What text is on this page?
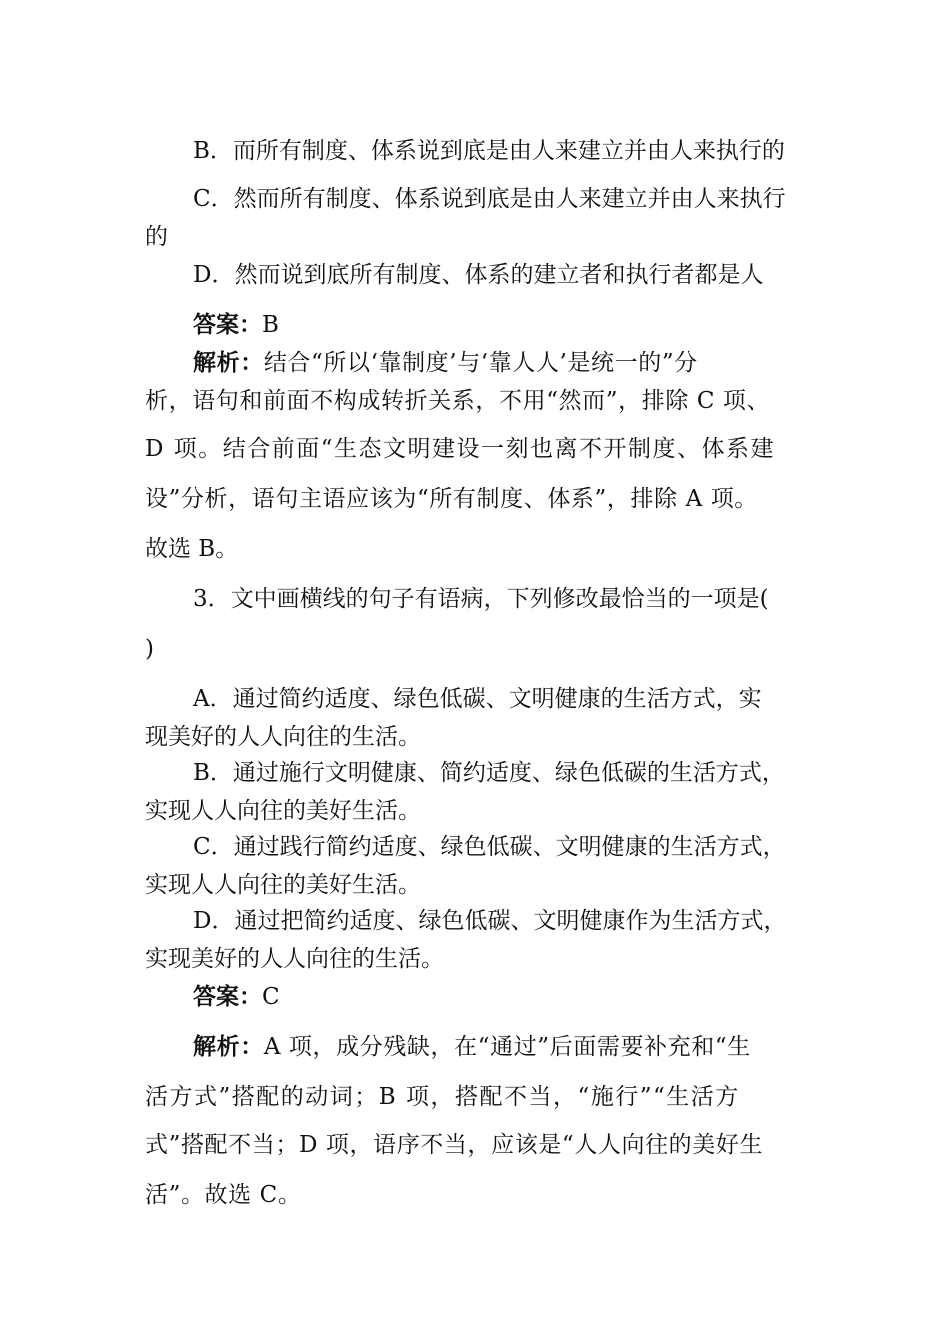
B．而所有制度、体系说到底是由人来建立并由人来执行的
C．然而所有制度、体系说到底是由人来建立并由人来执行
的
D．然而说到底所有制度、体系的建立者和执行者都是人
答案：B
解析：结合“所以‘靠制度’与‘靠人人’是统一的”分
析，语句和前面不构成转折关系，不用“然而”，排除 C 项、
D 项。结合前面“生态文明建设一刻也离不开制度、体系建
设”分析，语句主语应该为“所有制度、体系”，排除 A 项。
故选 B。
3．文中画横线的句子有语病，下列修改最恰当的一项是(
)
A．通过简约适度、绿色低碳、文明健康的生活方式，实
现美好的人人向往的生活。
B．通过施行文明健康、简约适度、绿色低碳的生活方式，
实现人人向往的美好生活。
C．通过践行简约适度、绿色低碳、文明健康的生活方式，
实现人人向往的美好生活。
D．通过把简约适度、绿色低碳、文明健康作为生活方式，
实现美好的人人向往的生活。
答案：C
解析：A 项，成分残缺，在“通过”后面需要补充和“生
活方式”搭配的动词；B 项，搭配不当，“施行”“生活方
式”搭配不当；D 项，语序不当，应该是“人人向往的美好生
活”。故选 C。
